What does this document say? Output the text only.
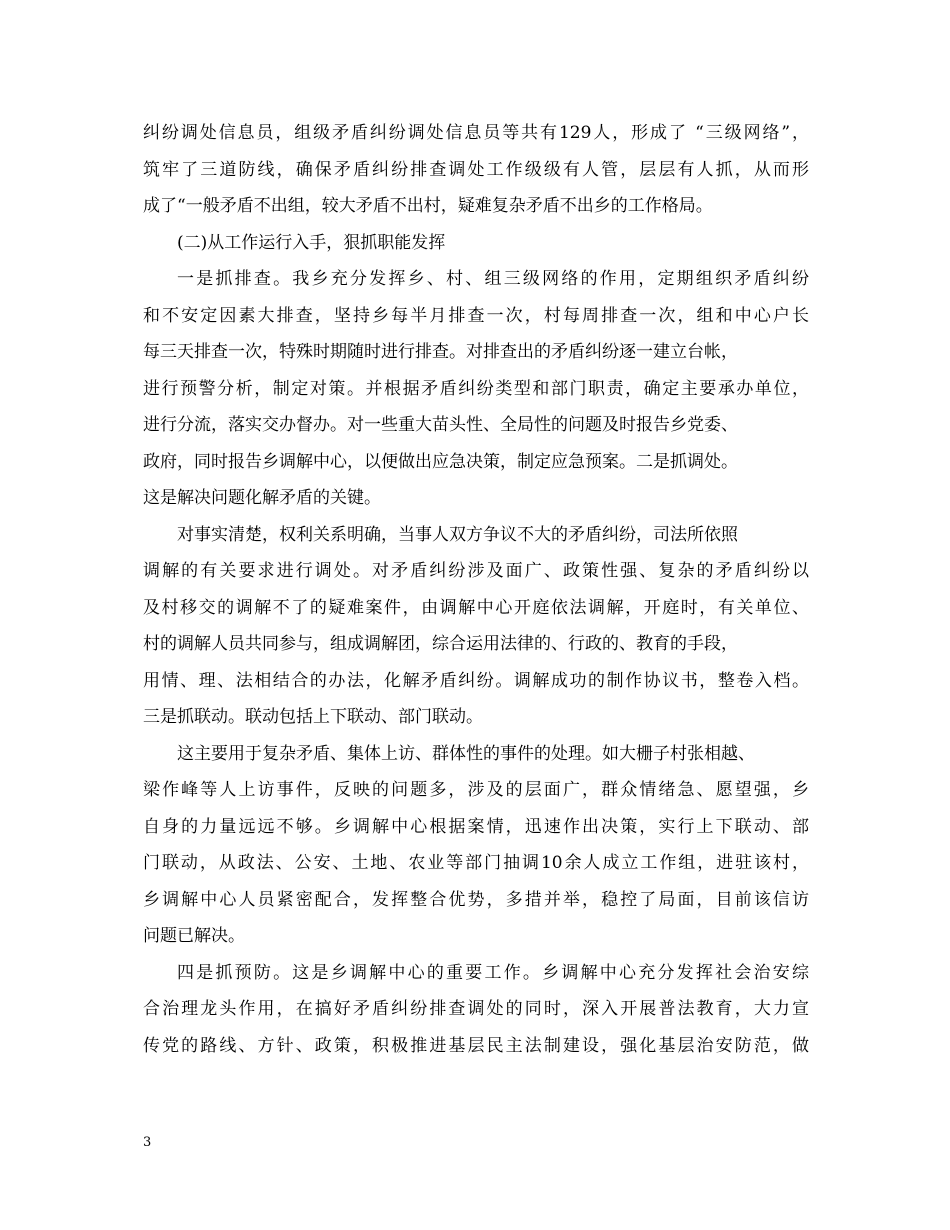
纠纷调处信息员，组级矛盾纠纷调处信息员等共有129人，形成了 “三级网络”，
筑牢了三道防线，确保矛盾纠纷排查调处工作级级有人管，层层有人抓，从而形
成了“一般矛盾不出组，较大矛盾不出村，疑难复杂矛盾不出乡的工作格局。
(二)从工作运行入手，狠抓职能发挥
一是抓排查。我乡充分发挥乡、村、组三级网络的作用，定期组织矛盾纠纷
和不安定因素大排查，坚持乡每半月排查一次，村每周排查一次，组和中心户长
每三天排查一次，特殊时期随时进行排查。对排查出的矛盾纠纷逐一建立台帐，
进行预警分析，制定对策。并根据矛盾纠纷类型和部门职责，确定主要承办单位，
进行分流，落实交办督办。对一些重大苗头性、全局性的问题及时报告乡党委、
政府，同时报告乡调解中心，以便做出应急决策，制定应急预案。二是抓调处。
这是解决问题化解矛盾的关键。
对事实清楚，权利关系明确，当事人双方争议不大的矛盾纠纷，司法所依照
调解的有关要求进行调处。对矛盾纠纷涉及面广、政策性强、复杂的矛盾纠纷以
及村移交的调解不了的疑难案件，由调解中心开庭依法调解，开庭时，有关单位、
村的调解人员共同参与，组成调解团，综合运用法律的、行政的、教育的手段，
用情、理、法相结合的办法，化解矛盾纠纷。调解成功的制作协议书，整卷入档。
三是抓联动。联动包括上下联动、部门联动。
这主要用于复杂矛盾、集体上访、群体性的事件的处理。如大栅子村张相越、
梁作峰等人上访事件，反映的问题多，涉及的层面广，群众情绪急、愿望强，乡
自身的力量远远不够。乡调解中心根据案情，迅速作出决策，实行上下联动、部
门联动，从政法、公安、土地、农业等部门抽调10余人成立工作组，进驻该村，
乡调解中心人员紧密配合，发挥整合优势，多措并举，稳控了局面，目前该信访
问题已解决。
四是抓预防。这是乡调解中心的重要工作。乡调解中心充分发挥社会治安综
合治理龙头作用，在搞好矛盾纠纷排查调处的同时，深入开展普法教育，大力宣
传党的路线、方针、政策，积极推进基层民主法制建设，强化基层治安防范，做
3
